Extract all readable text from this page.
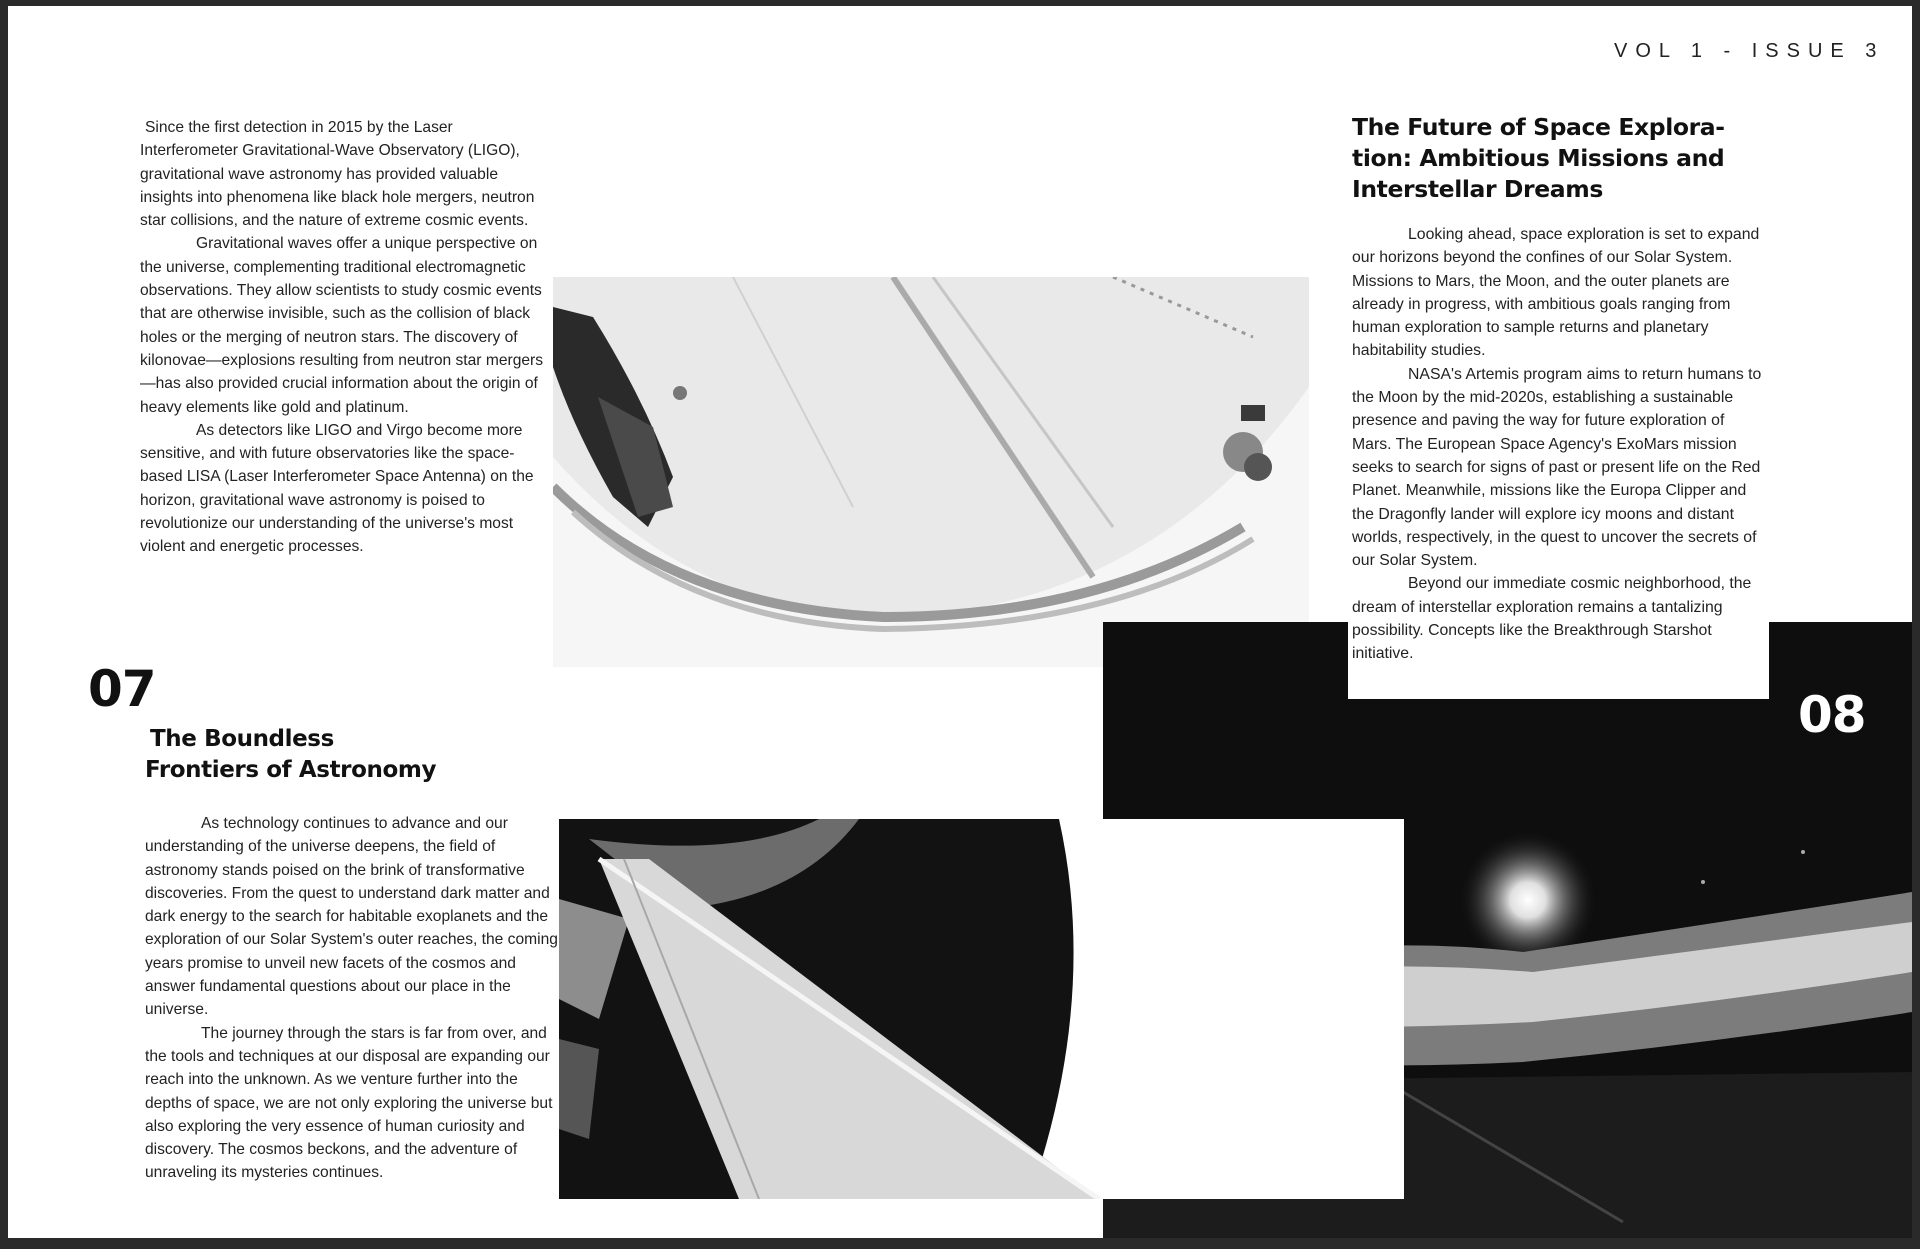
VOL 1 - ISSUE 3

Since the first detection in 2015 by the Laser Interferometer Gravitational-Wave Observatory (LIGO), gravitational wave astronomy has provided valuable insights into phenomena like black hole mergers, neutron star collisions, and the nature of extreme cosmic events.

Gravitational waves offer a unique perspective on the universe, complementing traditional electromagnetic observations. They allow scientists to study cosmic events that are otherwise invisible, such as the collision of black holes or the merging of neutron stars. The discovery of kilonovae—explosions resulting from neutron star mergers—has also provided crucial information about the origin of heavy elements like gold and platinum.

As detectors like LIGO and Virgo become more sensitive, and with future observatories like the space-based LISA (Laser Interferometer Space Antenna) on the horizon, gravitational wave astronomy is poised to revolutionize our understanding of the universe's most violent and energetic processes.

07
The Boundless
Frontiers of Astronomy

As technology continues to advance and our understanding of the universe deepens, the field of astronomy stands poised on the brink of transformative discoveries. From the quest to understand dark matter and dark energy to the search for habitable exoplanets and the exploration of our Solar System's outer reaches, the coming years promise to unveil new facets of the cosmos and answer fundamental questions about our place in the universe.

The journey through the stars is far from over, and the tools and techniques at our disposal are expanding our reach into the unknown. As we venture further into the depths of space, we are not only exploring the universe but also exploring the very essence of human curiosity and discovery. The cosmos beckons, and the adventure of unraveling its mysteries continues.

The Future of Space Explora-
tion: Ambitious Missions and
Interstellar Dreams

Looking ahead, space exploration is set to expand our horizons beyond the confines of our Solar System. Missions to Mars, the Moon, and the outer planets are already in progress, with ambitious goals ranging from human exploration to sample returns and planetary habitability studies.

NASA's Artemis program aims to return humans to the Moon by the mid-2020s, establishing a sustainable presence and paving the way for future exploration of Mars. The European Space Agency's ExoMars mission seeks to search for signs of past or present life on the Red Planet. Meanwhile, missions like the Europa Clipper and the Dragonfly lander will explore icy moons and distant worlds, respectively, in the quest to uncover the secrets of our Solar System.

Beyond our immediate cosmic neighborhood, the dream of interstellar exploration remains a tantalizing possibility. Concepts like the Breakthrough Starshot initiative.

08
